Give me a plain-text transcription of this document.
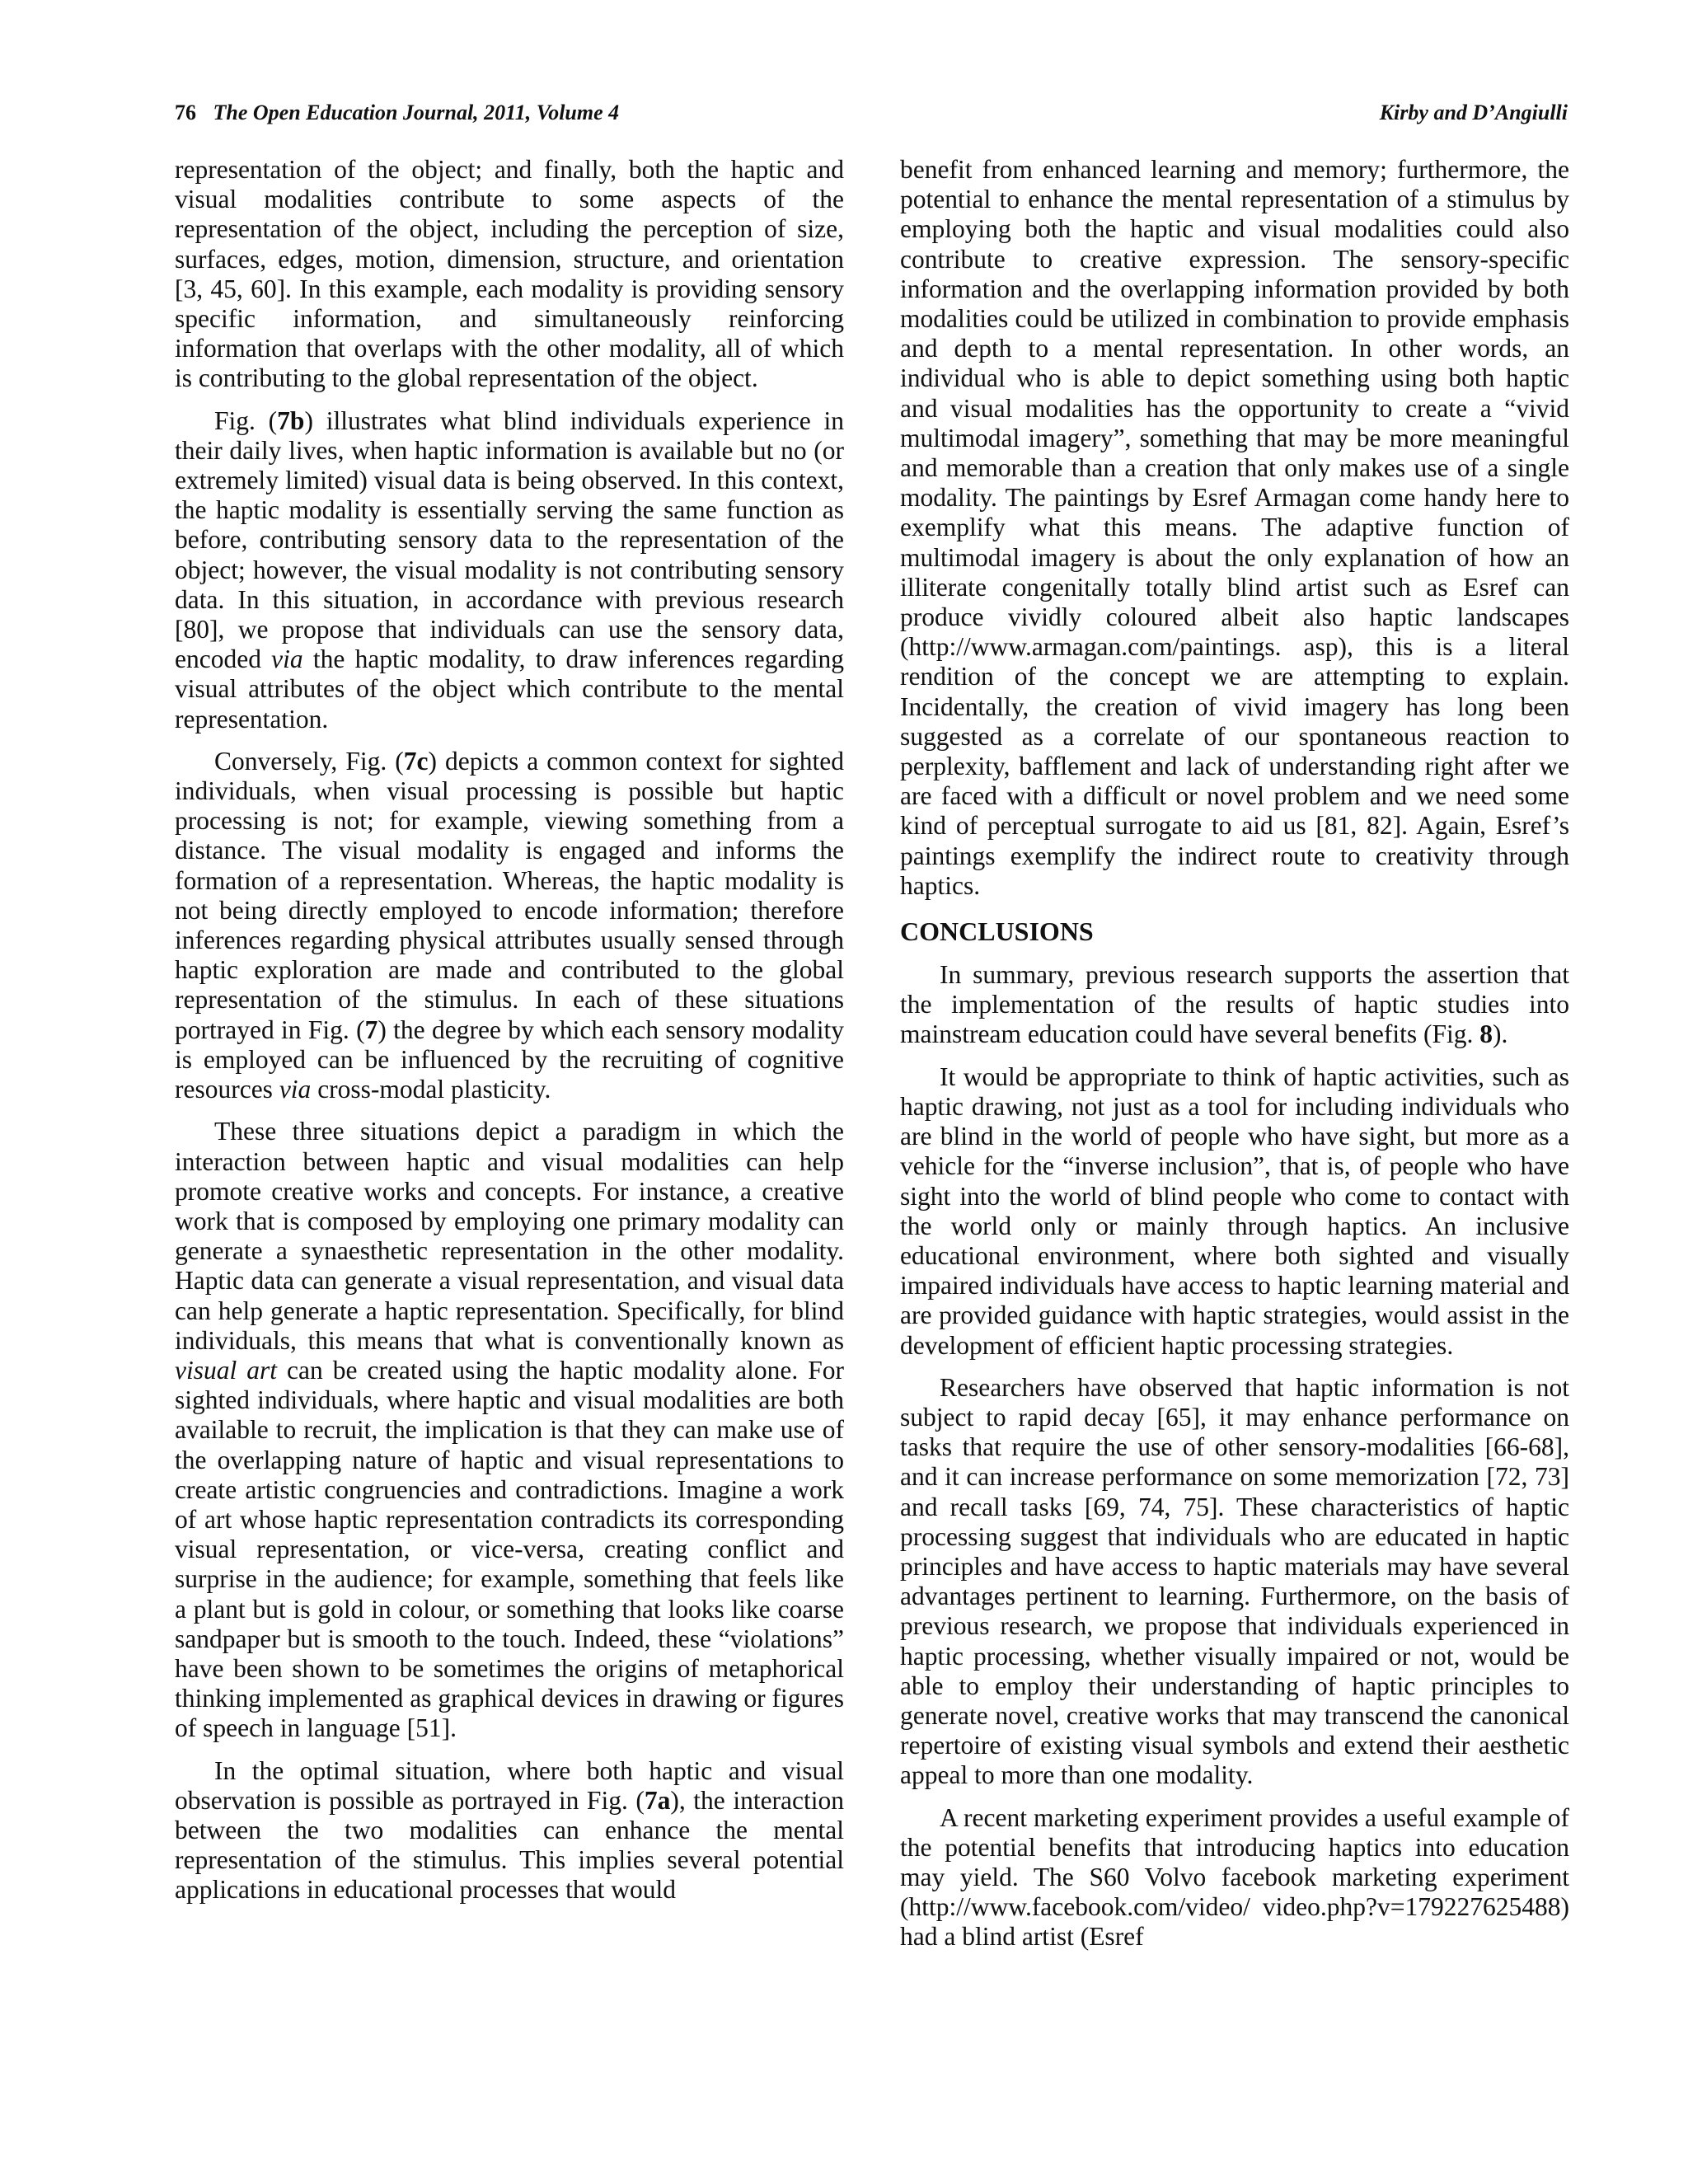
76 The Open Education Journal, 2011, Volume 4	Kirby and D’Angiulli

representation of the object; and finally, both the haptic and visual modalities contribute to some aspects of the representation of the object, including the perception of size, surfaces, edges, motion, dimension, structure, and orientation [3, 45, 60]. In this example, each modality is providing sensory specific information, and simultaneously reinforcing information that overlaps with the other modality, all of which is contributing to the global representation of the object.

Fig. (7b) illustrates what blind individuals experience in their daily lives, when haptic information is available but no (or extremely limited) visual data is being observed. In this context, the haptic modality is essentially serving the same function as before, contributing sensory data to the representation of the object; however, the visual modality is not contributing sensory data. In this situation, in accordance with previous research [80], we propose that individuals can use the sensory data, encoded via the haptic modality, to draw inferences regarding visual attributes of the object which contribute to the mental representation.

Conversely, Fig. (7c) depicts a common context for sighted individuals, when visual processing is possible but haptic processing is not; for example, viewing something from a distance. The visual modality is engaged and informs the formation of a representation. Whereas, the haptic modality is not being directly employed to encode information; therefore inferences regarding physical attributes usually sensed through haptic exploration are made and contributed to the global representation of the stimulus. In each of these situations portrayed in Fig. (7) the degree by which each sensory modality is employed can be influenced by the recruiting of cognitive resources via cross-modal plasticity.

These three situations depict a paradigm in which the interaction between haptic and visual modalities can help promote creative works and concepts. For instance, a creative work that is composed by employing one primary modality can generate a synaesthetic representation in the other modality. Haptic data can generate a visual representation, and visual data can help generate a haptic representation. Specifically, for blind individuals, this means that what is conventionally known as visual art can be created using the haptic modality alone. For sighted individuals, where haptic and visual modalities are both available to recruit, the implication is that they can make use of the overlapping nature of haptic and visual representations to create artistic congruencies and contradictions. Imagine a work of art whose haptic representation contradicts its corresponding visual representation, or vice-versa, creating conflict and surprise in the audience; for example, something that feels like a plant but is gold in colour, or something that looks like coarse sandpaper but is smooth to the touch. Indeed, these “violations” have been shown to be sometimes the origins of metaphorical thinking implemented as graphical devices in drawing or figures of speech in language [51].

In the optimal situation, where both haptic and visual observation is possible as portrayed in Fig. (7a), the interaction between the two modalities can enhance the mental representation of the stimulus. This implies several potential applications in educational processes that would

benefit from enhanced learning and memory; furthermore, the potential to enhance the mental representation of a stimulus by employing both the haptic and visual modalities could also contribute to creative expression. The sensory-specific information and the overlapping information provided by both modalities could be utilized in combination to provide emphasis and depth to a mental representation. In other words, an individual who is able to depict something using both haptic and visual modalities has the opportunity to create a “vivid multimodal imagery”, something that may be more meaningful and memorable than a creation that only makes use of a single modality. The paintings by Esref Armagan come handy here to exemplify what this means. The adaptive function of multimodal imagery is about the only explanation of how an illiterate congenitally totally blind artist such as Esref can produce vividly coloured albeit also haptic landscapes (http://www.armagan.com/paintings. asp), this is a literal rendition of the concept we are attempting to explain. Incidentally, the creation of vivid imagery has long been suggested as a correlate of our spontaneous reaction to perplexity, bafflement and lack of understanding right after we are faced with a difficult or novel problem and we need some kind of perceptual surrogate to aid us [81, 82]. Again, Esref’s paintings exemplify the indirect route to creativity through haptics.

CONCLUSIONS

In summary, previous research supports the assertion that the implementation of the results of haptic studies into mainstream education could have several benefits (Fig. 8).

It would be appropriate to think of haptic activities, such as haptic drawing, not just as a tool for including individuals who are blind in the world of people who have sight, but more as a vehicle for the “inverse inclusion”, that is, of people who have sight into the world of blind people who come to contact with the world only or mainly through haptics. An inclusive educational environment, where both sighted and visually impaired individuals have access to haptic learning material and are provided guidance with haptic strategies, would assist in the development of efficient haptic processing strategies.

Researchers have observed that haptic information is not subject to rapid decay [65], it may enhance performance on tasks that require the use of other sensory-modalities [66-68], and it can increase performance on some memorization [72, 73] and recall tasks [69, 74, 75]. These characteristics of haptic processing suggest that individuals who are educated in haptic principles and have access to haptic materials may have several advantages pertinent to learning. Furthermore, on the basis of previous research, we propose that individuals experienced in haptic processing, whether visually impaired or not, would be able to employ their understanding of haptic principles to generate novel, creative works that may transcend the canonical repertoire of existing visual symbols and extend their aesthetic appeal to more than one modality.

A recent marketing experiment provides a useful example of the potential benefits that introducing haptics into education may yield. The S60 Volvo facebook marketing experiment (http://www.facebook.com/video/ video.php?v=179227625488) had a blind artist (Esref
